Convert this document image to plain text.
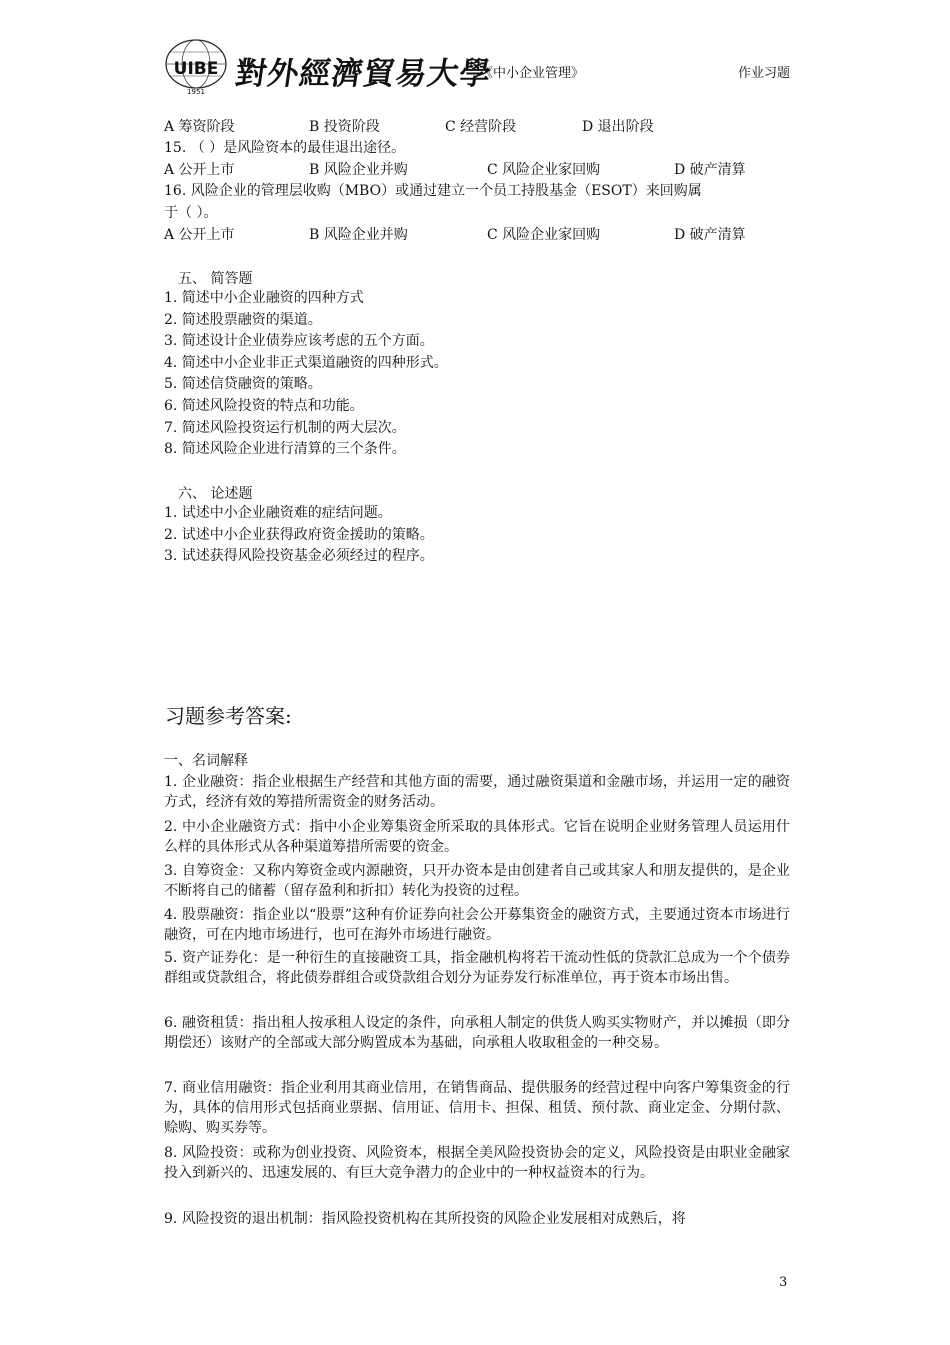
UIBE
1951 對外經濟貿易大學
《中小企业管理》	作业习题
A 筹资阶段	B 投资阶段	C 经营阶段	D 退出阶段
15. （ ）是风险资本的最佳退出途径。
A 公开上市	B 风险企业并购	C 风险企业家回购	D 破产清算
16. 风险企业的管理层收购（MBO）或通过建立一个员工持股基金（ESOT）来回购属
于（ ）。
A 公开上市	B 风险企业并购	C 风险企业家回购	D 破产清算
五、 简答题
1. 简述中小企业融资的四种方式
2. 简述股票融资的渠道。
3. 简述设计企业债券应该考虑的五个方面。
4. 简述中小企业非正式渠道融资的四种形式。
5. 简述信贷融资的策略。
6. 简述风险投资的特点和功能。
7. 简述风险投资运行机制的两大层次。
8. 简述风险企业进行清算的三个条件。
六、 论述题
1. 试述中小企业融资难的症结问题。
2. 试述中小企业获得政府资金援助的策略。
3. 试述获得风险投资基金必须经过的程序。
习题参考答案:
一、名词解释
1. 企业融资：指企业根据生产经营和其他方面的需要，通过融资渠道和金融市场，并运用一定的融资方式，经济有效的筹措所需资金的财务活动。
2. 中小企业融资方式：指中小企业筹集资金所采取的具体形式。它旨在说明企业财务管理人员运用什么样的具体形式从各种渠道筹措所需要的资金。
3. 自筹资金：又称内筹资金或内源融资，只开办资本是由创建者自己或其家人和朋友提供的，是企业不断将自己的储蓄（留存盈利和折扣）转化为投资的过程。
4. 股票融资：指企业以“股票”这种有价证券向社会公开募集资金的融资方式，主要通过资本市场进行融资，可在内地市场进行，也可在海外市场进行融资。
5. 资产证券化：是一种衍生的直接融资工具，指金融机构将若干流动性低的贷款汇总成为一个个债券群组或贷款组合，将此债券群组合或贷款组合划分为证券发行标准单位，再于资本市场出售。
6. 融资租赁：指出租人按承租人设定的条件，向承租人制定的供货人购买实物财产，并以摊损（即分期偿还）该财产的全部或大部分购置成本为基础，向承租人收取租金的一种交易。
7. 商业信用融资：指企业利用其商业信用，在销售商品、提供服务的经营过程中向客户筹集资金的行为，具体的信用形式包括商业票据、信用证、信用卡、担保、租赁、预付款、商业定金、分期付款、赊购、购买券等。
8. 风险投资：或称为创业投资、风险资本，根据全美风险投资协会的定义，风险投资是由职业金融家投入到新兴的、迅速发展的、有巨大竞争潜力的企业中的一种权益资本的行为。
9. 风险投资的退出机制：指风险投资机构在其所投资的风险企业发展相对成熟后，将
3
